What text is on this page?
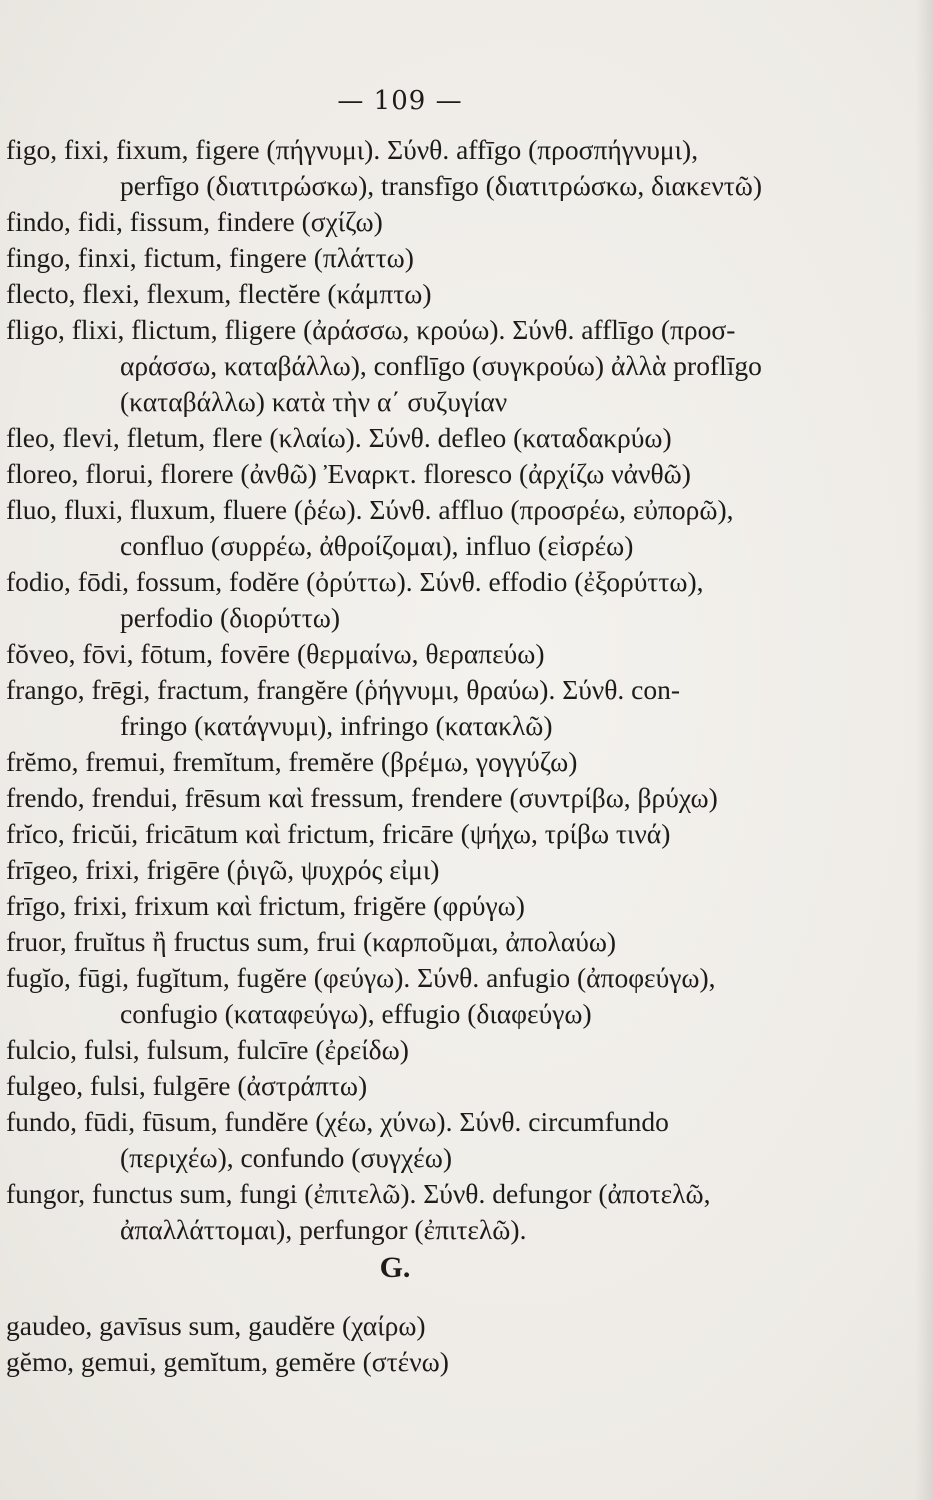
— 109 —
figo, fixi, fixum, figere (πήγνυμι). Σύνθ. affīgo (προσπήγνυμι),
perfīgo (διατιτρώσκω), transfīgo (διατιτρώσκω, διακεντῶ)
findo, fidi, fissum, findere (σχίζω)
fingo, finxi, fictum, fingere (πλάττω)
flecto, flexi, flexum, flectĕre (κάμπτω)
fligo, flixi, flictum, fligere (ἀράσσω, κρούω). Σύνθ. afflīgo (προσ-
αράσσω, καταβάλλω), conflīgo (συγκρούω) ἀλλὰ proflīgo
(καταβάλλω) κατὰ τὴν α΄ συζυγίαν
fleo, flevi, fletum, flere (κλαίω). Σύνθ. defleo (καταδακρύω)
floreo, florui, florere (ἀνθῶ) Ἐναρκτ. floresco (ἀρχίζω νἀνθῶ)
fluo, fluxi, fluxum, fluere (ῥέω). Σύνθ. affluo (προσρέω, εὐπορῶ),
confluo (συρρέω, ἀθροίζομαι), influo (εἰσρέω)
fodio, fōdi, fossum, fodĕre (ὀρύττω). Σύνθ. effodio (ἐξορύττω),
perfodio (διορύττω)
fŏveo, fōvi, fōtum, fovēre (θερμαίνω, θεραπεύω)
frango, frēgi, fractum, frangĕre (ῥήγνυμι, θραύω). Σύνθ. con-
fringo (κατάγνυμι), infringo (κατακλῶ)
frĕmo, fremui, fremĭtum, fremĕre (βρέμω, γογγύζω)
frendo, frendui, frēsum καὶ fressum, frendere (συντρίβω, βρύχω)
frĭco, fricŭi, fricātum καὶ frictum, fricāre (ψήχω, τρίβω τινά)
frīgeo, frixi, frigēre (ῥιγῶ, ψυχρός εἰμι)
frīgo, frixi, frixum καὶ frictum, frigĕre (φρύγω)
fruor, fruĭtus ἢ fructus sum, frui (καρποῦμαι, ἀπολαύω)
fugĭo, fūgi, fugĭtum, fugĕre (φεύγω). Σύνθ. anfugio (ἀποφεύγω),
confugio (καταφεύγω), effugio (διαφεύγω)
fulcio, fulsi, fulsum, fulcīre (ἐρείδω)
fulgeo, fulsi, fulgēre (ἀστράπτω)
fundo, fūdi, fūsum, fundĕre (χέω, χύνω). Σύνθ. circumfundo
(περιχέω), confundo (συγχέω)
fungor, functus sum, fungi (ἐπιτελῶ). Σύνθ. defungor (ἀποτελῶ,
ἀπαλλάττομαι), perfungor (ἐπιτελῶ).
G.
gaudeo, gavīsus sum, gaudĕre (χαίρω)
gĕmo, gemui, gemĭtum, gemĕre (στένω)
